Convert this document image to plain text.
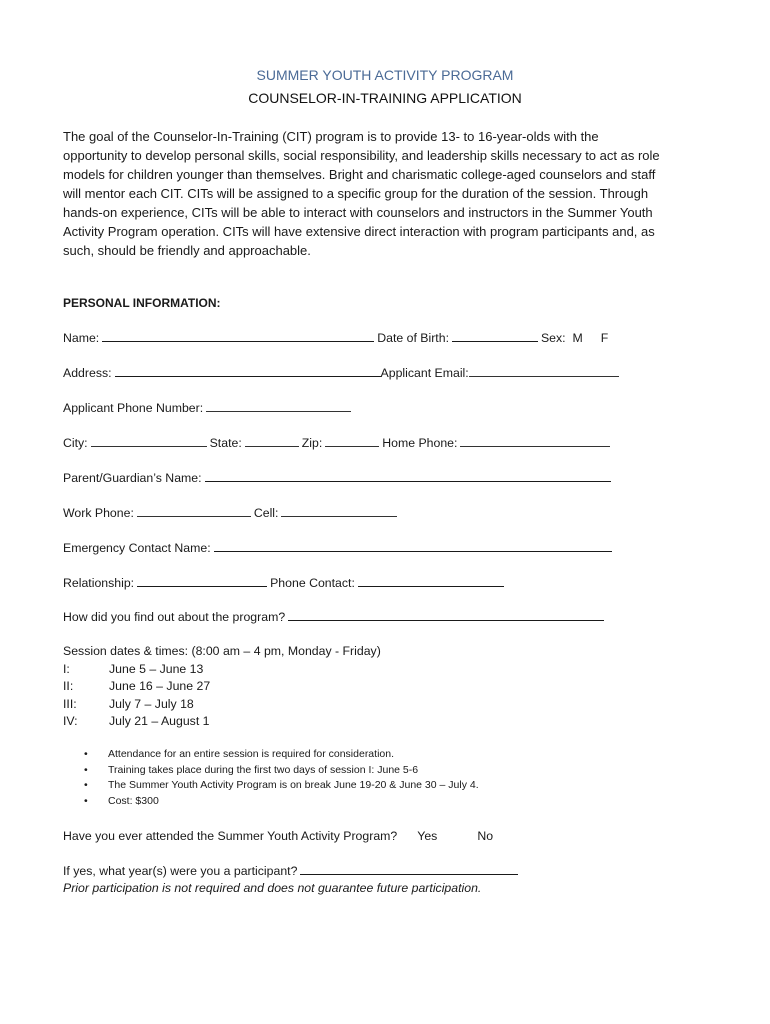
SUMMER YOUTH ACTIVITY PROGRAM
COUNSELOR-IN-TRAINING APPLICATION
The goal of the Counselor-In-Training (CIT) program is to provide 13- to 16-year-olds with the
opportunity to develop personal skills, social responsibility, and leadership skills necessary to act as role
models for children younger than themselves. Bright and charismatic college-aged counselors and staff
will mentor each CIT. CITs will be assigned to a specific group for the duration of the session. Through
hands-on experience, CITs will be able to interact with counselors and instructors in the Summer Youth
Activity Program operation. CITs will have extensive direct interaction with program participants and, as
such, should be friendly and approachable.
PERSONAL INFORMATION:
Name:	Date of Birth:	Sex: M F
Address:	Applicant Email:
Applicant Phone Number:
City:	State:	Zip:	Home Phone:
Parent/Guardian’s Name:
Work Phone:	Cell:
Emergency Contact Name:
Relationship:	Phone Contact:
How did you find out about the program?
Session dates & times: (8:00 am – 4 pm, Monday - Friday)
I:	June 5 – June 13
II:	June 16 – June 27
III:	July 7 – July 18
IV:	July 21 – August 1
•	Attendance for an entire session is required for consideration.
•	Training takes place during the first two days of session I: June 5-6
•	The Summer Youth Activity Program is on break June 19-20 & June 30 – July 4.
•	Cost: $300
Have you ever attended the Summer Youth Activity Program? Yes	No
If yes, what year(s) were you a participant?
Prior participation is not required and does not guarantee future participation.
